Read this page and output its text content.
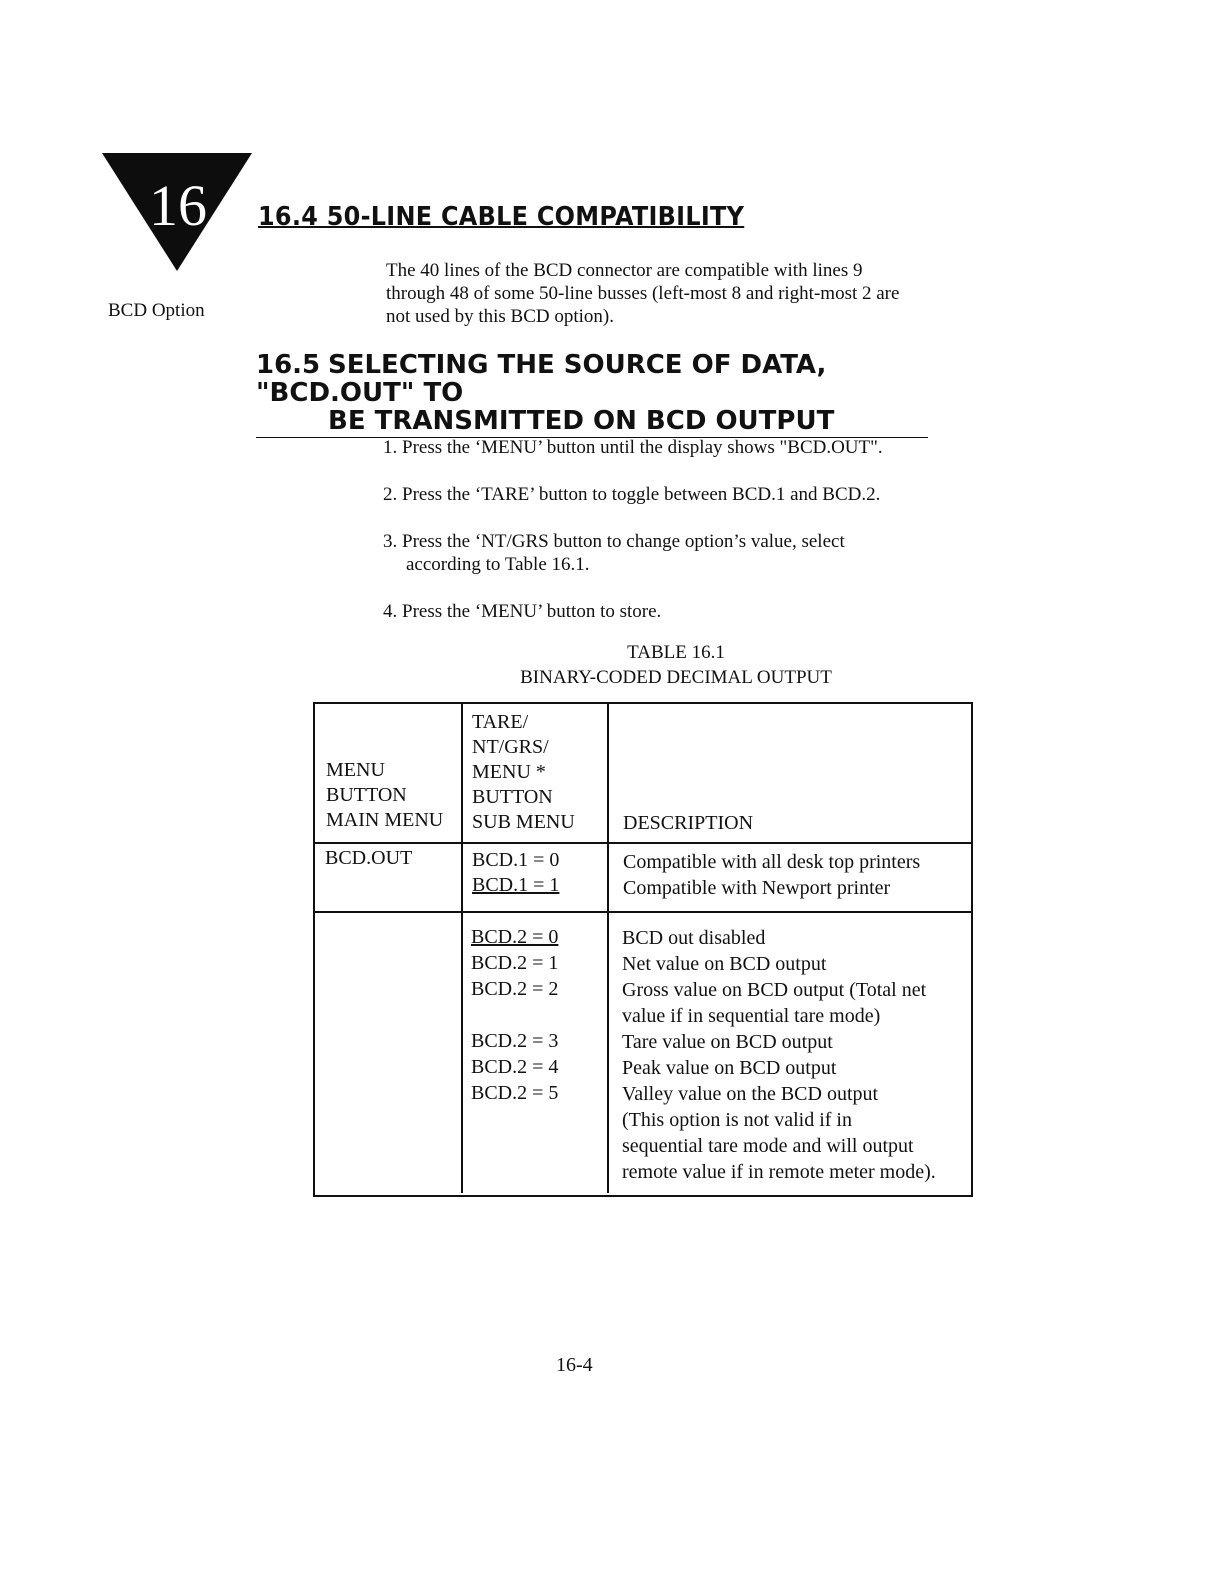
16
BCD Option
16.4 50-LINE CABLE COMPATIBILITY
The 40 lines of the BCD connector are compatible with lines 9
through 48 of some 50-line busses (left-most 8 and right-most 2 are
not used by this BCD option).
16.5 SELECTING THE SOURCE OF DATA, "BCD.OUT" TO
BE TRANSMITTED ON BCD OUTPUT
1. Press the ‘MENU’ button until the display shows "BCD.OUT".
2. Press the ‘TARE’ button to toggle between BCD.1 and BCD.2.
3. Press the ‘NT/GRS button to change option’s value, select
according to Table 16.1.
4. Press the ‘MENU’ button to store.
TABLE 16.1
BINARY-CODED DECIMAL OUTPUT
MENU
BUTTON
MAIN MENU
TARE/
NT/GRS/
MENU *
BUTTON
SUB MENU DESCRIPTION
BCD.OUT	BCD.1 = 0
BCD.1 = 1
Compatible with all desk top printers
Compatible with Newport printer
BCD.2 = 0
BCD.2 = 1
BCD.2 = 2
BCD.2 = 3
BCD.2 = 4
BCD.2 = 5
BCD out disabled
Net value on BCD output
Gross value on BCD output (Total net
value if in sequential tare mode)
Tare value on BCD output
Peak value on BCD output
Valley value on the BCD output
(This option is not valid if in
sequential tare mode and will output
remote value if in remote meter mode).
16-4
